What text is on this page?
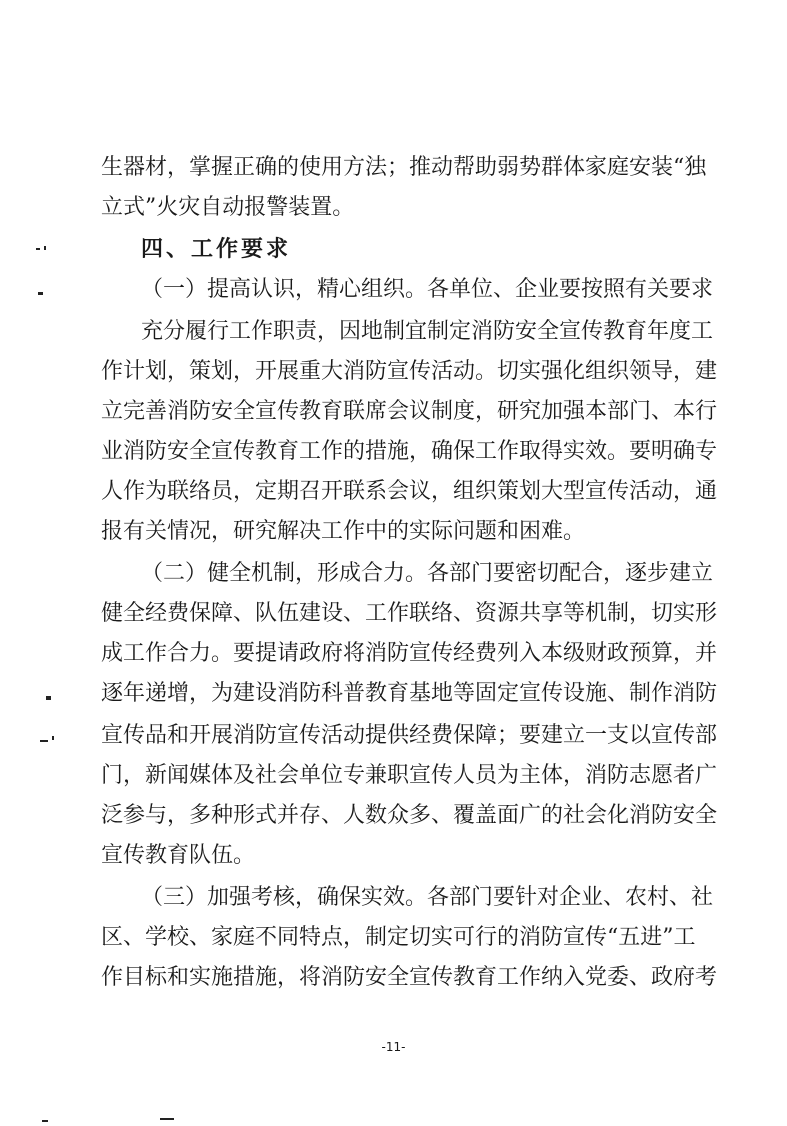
生器材，掌握正确的使用方法；推动帮助弱势群体家庭安装“独
立式”火灾自动报警装置。
四、工作要求
（一）提高认识，精心组织。各单位、企业要按照有关要求
充分履行工作职责，因地制宜制定消防安全宣传教育年度工
作计划，策划，开展重大消防宣传活动。切实强化组织领导，建
立完善消防安全宣传教育联席会议制度，研究加强本部门、本行
业消防安全宣传教育工作的措施，确保工作取得实效。要明确专
人作为联络员，定期召开联系会议，组织策划大型宣传活动，通
报有关情况，研究解决工作中的实际问题和困难。
（二）健全机制，形成合力。各部门要密切配合，逐步建立
健全经费保障、队伍建设、工作联络、资源共享等机制，切实形
成工作合力。要提请政府将消防宣传经费列入本级财政预算，并
逐年递增，为建设消防科普教育基地等固定宣传设施、制作消防
宣传品和开展消防宣传活动提供经费保障；要建立一支以宣传部
门，新闻媒体及社会单位专兼职宣传人员为主体，消防志愿者广
泛参与，多种形式并存、人数众多、覆盖面广的社会化消防安全
宣传教育队伍。
（三）加强考核，确保实效。各部门要针对企业、农村、社
区、学校、家庭不同特点，制定切实可行的消防宣传“五进”工
作目标和实施措施，将消防安全宣传教育工作纳入党委、政府考
-11-
